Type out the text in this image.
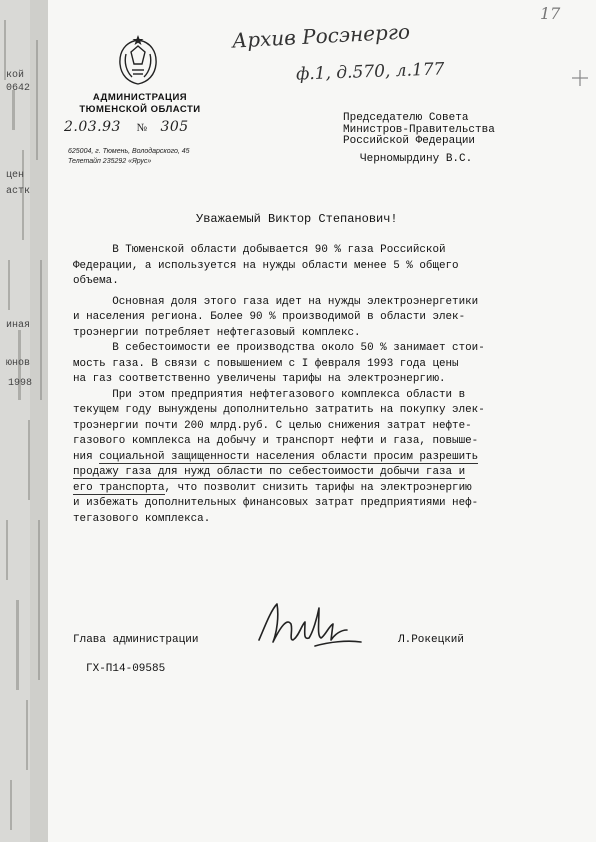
кой
0642
цен
астк
иная
юнов
1998
Архив Росэнерго
ф.1, д.570, л.177
17
АДМИНИСТРАЦИЯ
ТЮМЕНСКОЙ ОБЛАСТИ
2.03.93 № 305
625004, г. Тюмень, Володарского, 45
Телетайп 235292 «Ярус»
Председателю Совета
Министров-Правительства
Российской Федерации
Черномырдину В.С.
Уважаемый Виктор Степанович!
В Тюменской области добывается 90 % газа Российской
Федерации, а используется на нужды области менее 5 % общего
объема.
Основная доля этого газа идет на нужды электроэнергетики
и населения региона. Более 90 % производимой в области элек-
троэнергии потребляет нефтегазовый комплекс.
В себестоимости ее производства около 50 % занимает стои-
мость газа. В связи с повышением с I февраля 1993 года цены
на газ соответственно увеличены тарифы на электроэнергию.
При этом предприятия нефтегазового комплекса области в
текущем году вынуждены дополнительно затратить на покупку элек-
троэнергии почти 200 млрд.руб. С целью снижения затрат нефте-
газового комплекса на добычу и транспорт нефти и газа, повыше-
ния социальной защищенности населения области просим разрешить
продажу газа для нужд области по себестоимости добычи газа и
его транспорта, что позволит снизить тарифы на электроэнергию
и избежать дополнительных финансовых затрат предприятиями неф-
тегазового комплекса.
Глава администрации	Л.Рокецкий
ГХ-П14-09585
